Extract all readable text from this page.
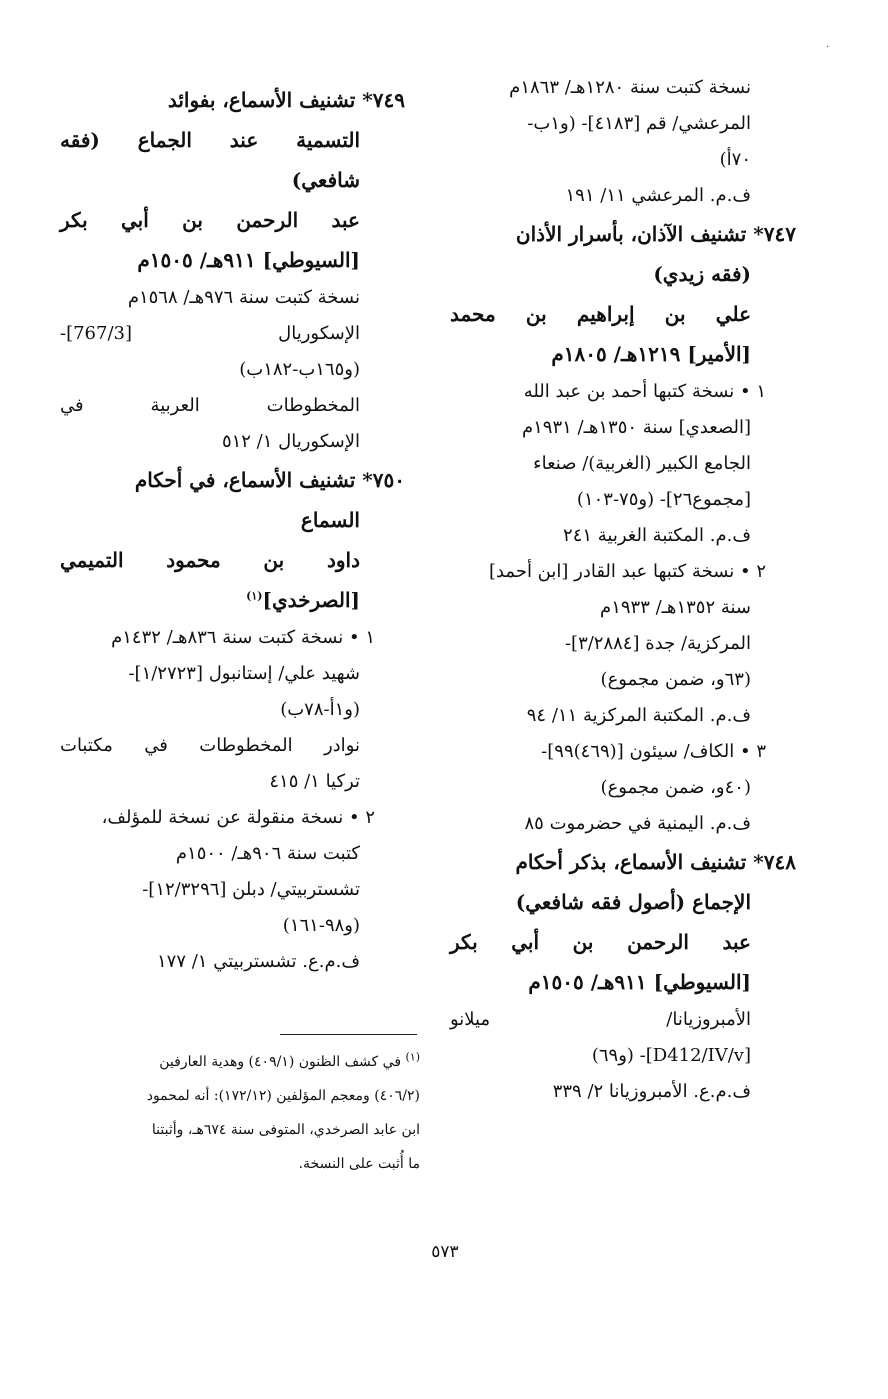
·
نسخة كتبت سنة ١٢٨٠هـ/ ١٨٦٣م
المرعشي/ قم [٤١٨٣]- (و١ب-
٧٠أ)
ف.م. المرعشي ١١/ ١٩١
٧٤٧* تشنيف الآذان، بأسرار الأذان
(فقه زيدي)
علي بن إبراهيم بن محمد
[الأمير] ١٢١٩هـ/ ١٨٠٥م
١ • نسخة كتبها أحمد بن عبد الله
[الصعدي] سنة ١٣٥٠هـ/ ١٩٣١م
الجامع الكبير (الغربية)/ صنعاء
[مجموع٢٦]- (و٧٥-١٠٣)
ف.م. المكتبة الغربية ٢٤١
٢ • نسخة كتبها عبد القادر [ابن أحمد]
سنة ١٣٥٢هـ/ ١٩٣٣م
المركزية/ جدة [٣/٢٨٨٤]-
(٦٣و، ضمن مجموع)
ف.م. المكتبة المركزية ١١/ ٩٤
٣ • الكاف/ سيئون [(٤٦٩)٩٩]-
(٤٠و، ضمن مجموع)
ف.م. اليمنية في حضرموت ٨٥
٧٤٨* تشنيف الأسماع، بذكر أحكام
الإجماع (أصول فقه شافعي)
عبد الرحمن بن أبي بكر
[السيوطي] ٩١١هـ/ ١٥٠٥م
الأمبروزيانا/ ميلانو
[D412/IV/v]- (و٦٩)
ف.م.ع. الأمبروزيانا ٢/ ٣٣٩
٧٤٩* تشنيف الأسماع، بفوائد
التسمية عند الجماع (فقه
شافعي)
عبد الرحمن بن أبي بكر
[السيوطي] ٩١١هـ/ ١٥٠٥م
نسخة كتبت سنة ٩٧٦هـ/ ١٥٦٨م
الإسكوريال [767/3]-
(و١٦٥ب-١٨٢ب)
المخطوطات العربية في
الإسكوريال ١/ ٥١٢
٧٥٠* تشنيف الأسماع، في أحكام
السماع
داود بن محمود التميمي
[الصرخدي]$^{(١)}$
١ • نسخة كتبت سنة ٨٣٦هـ/ ١٤٣٢م
شهيد علي/ إستانبول [١/٢٧٢٣]-
(و١أ-٧٨ب)
نوادر المخطوطات في مكتبات
تركيا ١/ ٤١٥
٢ • نسخة منقولة عن نسخة للمؤلف،
كتبت سنة ٩٠٦هـ/ ١٥٠٠م
تشستربيتي/ دبلن [١٢/٣٢٩٦]-
(و٩٨-١٦١)
ف.م.ع. تشستربيتي ١/ ١٧٧
$^{(١)}$ في كشف الظنون (٤٠٩/١) وهدية العارفين
(٤٠٦/٢) ومعجم المؤلفين (١٧٢/١٢): أنه لمحمود
ابن عابد الصرخدي، المتوفى سنة ٦٧٤هـ، وأثبتنا
ما أُثبت على النسخة.
٥٧٣
